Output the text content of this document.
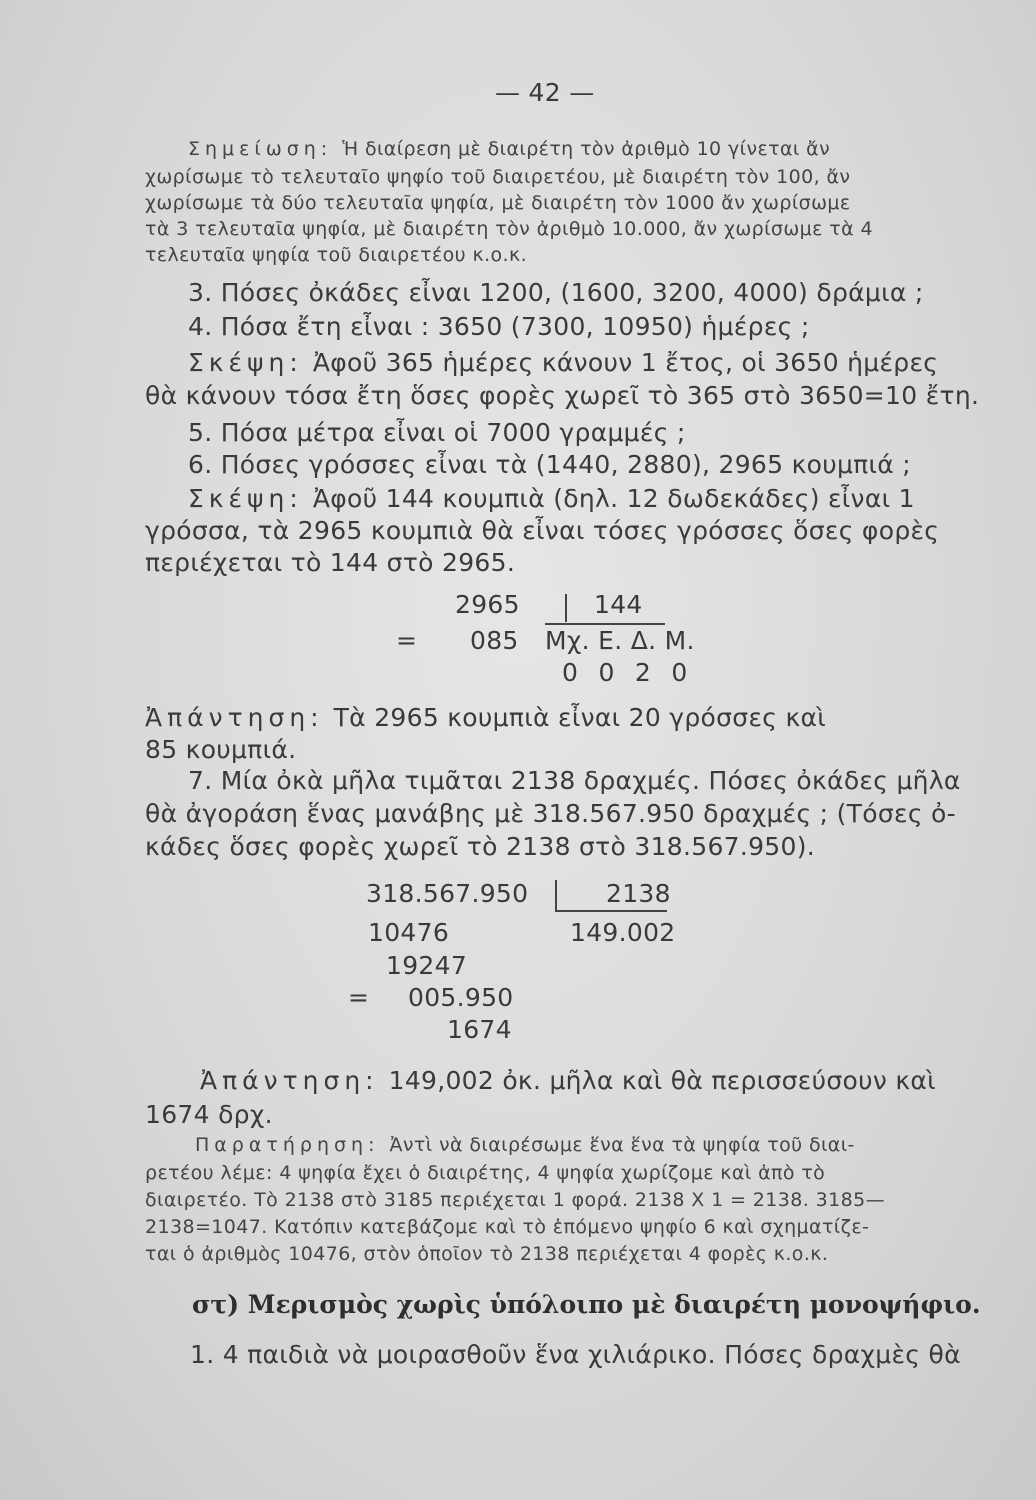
— 42 —
Σημείωση: Ἡ διαίρεση μὲ διαιρέτη τὸν ἀριθμὸ 10 γίνεται ἄν
χωρίσωμε τὸ τελευταῖο ψηφίο τοῦ διαιρετέου, μὲ διαιρέτη τὸν 100, ἄν
χωρίσωμε τὰ δύο τελευταῖα ψηφία, μὲ διαιρέτη τὸν 1000 ἄν χωρίσωμε
τὰ 3 τελευταῖα ψηφία, μὲ διαιρέτη τὸν ἀριθμὸ 10.000, ἄν χωρίσωμε τὰ 4
τελευταῖα ψηφία τοῦ διαιρετέου κ.ο.κ.
3. Πόσες ὀκάδες εἶναι 1200, (1600, 3200, 4000) δράμια ;
4. Πόσα ἔτη εἶναι : 3650 (7300, 10950) ἡμέρες ;
Σκέψη: Ἀφοῦ 365 ἡμέρες κάνουν 1 ἔτος, οἱ 3650 ἡμέρες
θὰ κάνουν τόσα ἔτη ὅσες φορὲς χωρεῖ τὸ 365 στὸ 3650=10 ἔτη.
5. Πόσα μέτρα εἶναι οἱ 7000 γραμμές ;
6. Πόσες γρόσσες εἶναι τὰ (1440, 2880), 2965 κουμπιά ;
Σκέψη: Ἀφοῦ 144 κουμπιὰ (δηλ. 12 δωδεκάδες) εἶναι 1
γρόσσα, τὰ 2965 κουμπιὰ θὰ εἶναι τόσες γρόσσες ὅσες φορὲς
περιέχεται τὸ 144 στὸ 2965.
2965	144
= 085 Μχ. Ε. Δ. Μ.
0 0 2 0
Ἀπάντηση: Τὰ 2965 κουμπιὰ εἶναι 20 γρόσσες καὶ
85 κουμπιά.
7. Μία ὀκὰ μῆλα τιμᾶται 2138 δραχμές. Πόσες ὀκάδες μῆλα
θὰ ἀγοράση ἕνας μανάβης μὲ 318.567.950 δραχμές ; (Τόσες ὀ-
κάδες ὅσες φορὲς χωρεῖ τὸ 2138 στὸ 318.567.950).
318.567.950	2138
10476	149.002
19247
= 005.950
1674
Ἀπάντηση: 149,002 ὀκ. μῆλα καὶ θὰ περισσεύσουν καὶ
1674 δρχ.
Παρατήρηση: Ἀντὶ νὰ διαιρέσωμε ἕνα ἕνα τὰ ψηφία τοῦ διαι-
ρετέου λέμε: 4 ψηφία ἔχει ὁ διαιρέτης, 4 ψηφία χωρίζομε καὶ ἀπὸ τὸ
διαιρετέο. Τὸ 2138 στὸ 3185 περιέχεται 1 φορά. 2138 Χ 1 = 2138. 3185—
2138=1047. Κατόπιν κατεβάζομε καὶ τὸ ἑπόμενο ψηφίο 6 καὶ σχηματίζε-
ται ὁ ἀριθμὸς 10476, στὸν ὁποῖον τὸ 2138 περιέχεται 4 φορὲς κ.ο.κ.
στ) Μερισμὸς χωρὶς ὑπόλοιπο μὲ διαιρέτη μονοψήφιο.
1. 4 παιδιὰ νὰ μοιρασθοῦν ἕνα χιλιάρικο. Πόσες δραχμὲς θὰ
